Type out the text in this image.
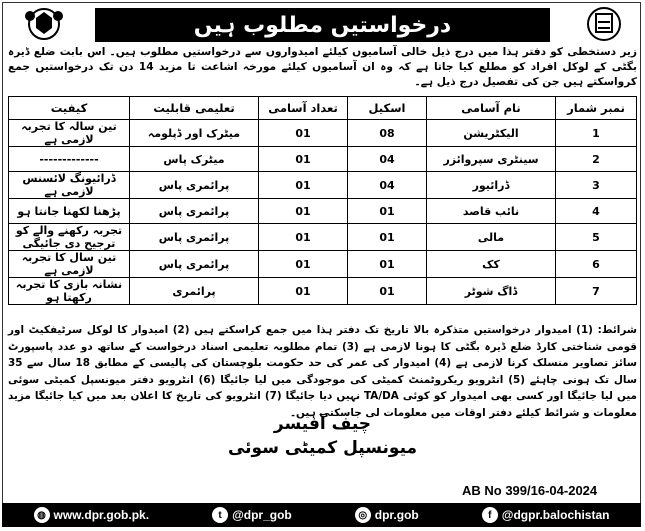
درخواستیں مطلوب ہیں
زیر دستخطی کو دفتر ہذا میں درج ذیل خالی آسامیوں کیلئے امیدواروں سے درخواستیں مطلوب ہیں۔ اس بابت ضلع ڈیرہ بگٹی کے لوکل افراد کو مطلع کیا جاتا ہے کہ وہ ان آسامیوں کیلئے مورخہ اشاعت تا مزید 14 دن تک درخواستیں جمع کرواسکتے ہیں جن کی تفصیل درج ذیل ہے۔
نمبر شمار	نام آسامی	اسکیل	تعداد آسامی	تعلیمی قابلیت	کیفیت
1	الیکٹریشن	08	01	میٹرک اور ڈپلومہ	تین سالہ کا تجربہ لازمی ہے
2	سینٹری سپروائزر	04	01	میٹرک پاس	-------------
3	ڈرائیور	04	01	پرائمری پاس	ڈرائیونگ لائسنس لازمی ہے
4	نائب قاصد	01	01	پرائمری پاس	پڑھنا لکھنا جانتا ہو
5	مالی	01	01	پرائمری پاس	تجربہ رکھنے والے کو ترجیح دی جائیگی
6	کک	01	01	پرائمری پاس	تین سال کا تجربہ لازمی ہے
7	ڈاگ شوٹر	01	01	پرائمری	نشانہ بازی کا تجربہ رکھتا ہو
شرائط: (1) امیدوار درخواستیں متذکرہ بالا تاریخ تک دفتر ہذا میں جمع کراسکتے ہیں (2) امیدوار کا لوکل سرٹیفکیٹ اور قومی شناختی کارڈ ضلع ڈیرہ بگٹی کا ہونا لازمی ہے (3) تمام مطلوبہ تعلیمی اسناد درخواست کے ساتھ دو عدد پاسپورٹ سائز تصاویر منسلک کرنا لازمی ہے (4) امیدوار کی عمر کی حد حکومت بلوچستان کی پالیسی کے مطابق 18 سال سے 35 سال تک ہونی چاہئے (5) انٹرویو ریکروٹمنٹ کمیٹی کی موجودگی میں لیا جائیگا (6) انٹرویو دفتر میونسپل کمیٹی سوئی میں لیا جائیگا اور کسی بھی امیدوار کو کوئی TA/DA نہیں دیا جائیگا (7) انٹرویو کی تاریخ کا اعلان بعد میں کیا جائیگا مزید معلومات و شرائط کیلئے دفتر اوقات میں معلومات لی جاسکتی ہیں۔
چیف آفیسر
میونسپل کمیٹی سوئی
AB No 399/16-04-2024
◍ www.dpr.gob.pk.	t @dpr_gob	◎ dpr.gob	f @dgpr.balochistan
